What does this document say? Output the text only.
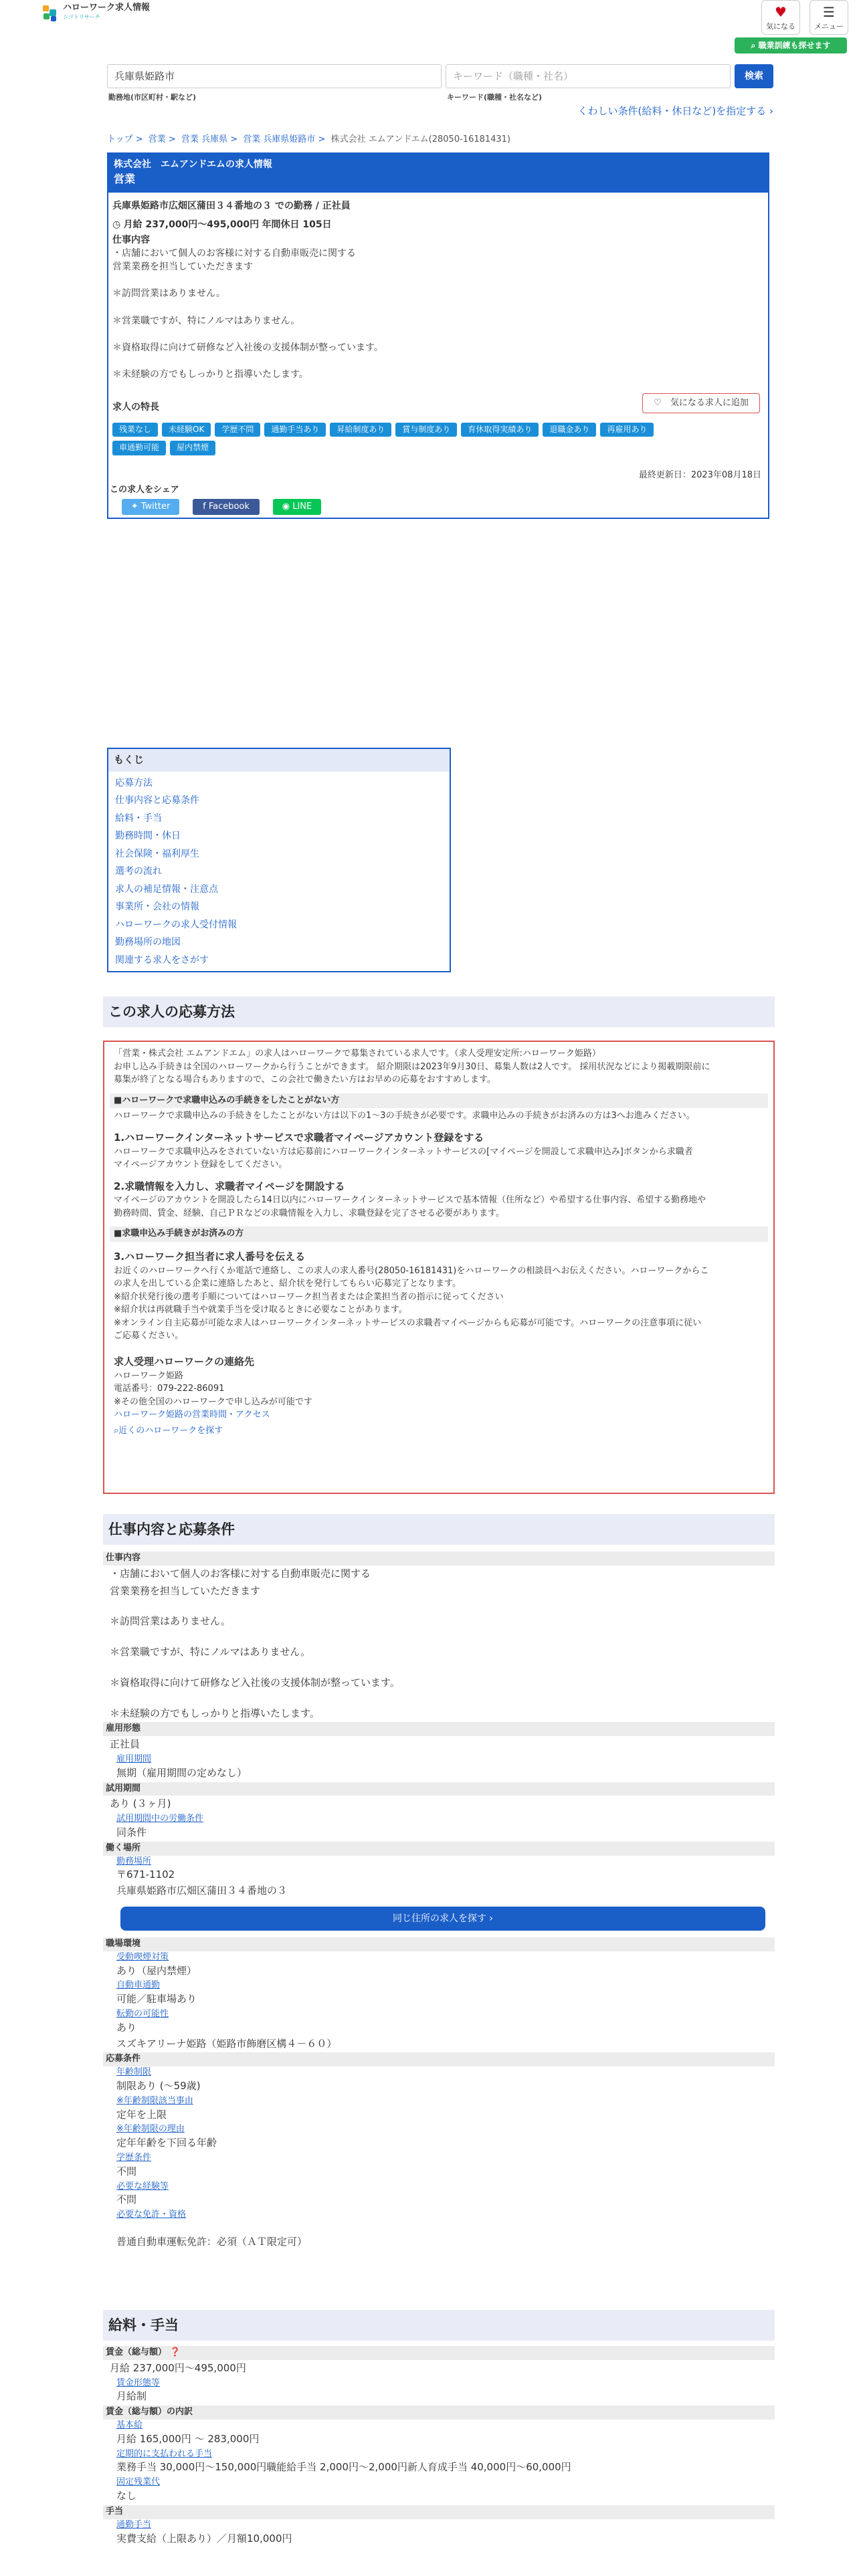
ハローワーク求人情報
シゴトリサーチ	♥
気になる
☰
メニュー
⌕ 職業訓練も探せます
兵庫県姫路市
勤務地(市区町村・駅など)
キーワード（職種・社名）
キーワード(職種・社名など)
検索
くわしい条件(給料・休日など)を指定する ›
トップ > 営業 > 営業 兵庫県 > 営業 兵庫県姫路市 > 株式会社 エムアンドエム(28050-16181431)
株式会社　エムアンドエムの求人情報
営業
兵庫県姫路市広畑区蒲田３４番地の３ での勤務 / 正社員
◷ 月給 237,000円〜495,000円 年間休日 105日
仕事内容
・店舗において個人のお客様に対する自動車販売に関する
営業業務を担当していただきます
＊訪問営業はありません。
＊営業職ですが、特にノルマはありません。
＊資格取得に向けて研修など入社後の支援体制が整っています。
＊未経験の方でもしっかりと指導いたします。
求人の特長	♡　気になる求人に追加
残業なし 未経験OK 学歴不問 通勤手当あり 昇給制度あり 賞与制度あり 育休取得実績あり 退職金あり 再雇用あり
車通勤可能 屋内禁煙
最終更新日：2023年08月18日
この求人をシェア
✦ Twitter	f Facebook	◉ LINE
もくじ
応募方法
仕事内容と応募条件
給料・手当
勤務時間・休日
社会保険・福利厚生
選考の流れ
求人の補足情報・注意点
事業所・会社の情報
ハローワークの求人受付情報
勤務場所の地図
関連する求人をさがす
この求人の応募方法

「営業・株式会社 エムアンドエム」の求人はハローワークで募集されている求人です。（求人受理安定所:ハローワーク姫路）

お申し込み手続きは全国のハローワークから行うことができます。 紹介期限は2023年9月30日、募集人数は2人です。 採用状況などにより掲載期限前に

募集が終了となる場合もありますので、この会社で働きたい方はお早めの応募をおすすめします。

■ハローワークで求職申込みの手続きをしたことがない方

ハローワークで求職申込みの手続きをしたことがない方は以下の1〜3の手続きが必要です。求職申込みの手続きがお済みの方は3へお進みください。

1.ハローワークインターネットサービスで求職者マイページアカウント登録をする

ハローワークで求職申込みをされていない方は応募前にハローワークインターネットサービスの[マイページを開設して求職申込み]ボタンから求職者

マイページアカウント登録をしてください。

2.求職情報を入力し、求職者マイページを開設する

マイページのアカウントを開設したら14日以内にハローワークインターネットサービスで基本情報（住所など）や希望する仕事内容、希望する勤務地や

勤務時間、賃金、経験、自己ＰＲなどの求職情報を入力し、求職登録を完了させる必要があります。

■求職申込み手続きがお済みの方
3.ハローワーク担当者に求人番号を伝える

お近くのハローワークへ行くか電話で連絡し、この求人の求人番号(28050-16181431)をハローワークの相談員へお伝えください。ハローワークからこ

の求人を出している企業に連絡したあと、紹介状を発行してもらい応募完了となります。

※紹介状発行後の選考手順についてはハローワーク担当者または企業担当者の指示に従ってください

※紹介状は再就職手当や就業手当を受け取るときに必要なことがあります。

※オンライン自主応募が可能な求人はハローワークインターネットサービスの求職者マイページからも応募が可能です。ハローワークの注意事項に従い

ご応募ください。

求人受理ハローワークの連絡先

ハローワーク姫路

電話番号：079-222-86091

※その他全国のハローワークで申し込みが可能です

ハローワーク姫路の営業時間・アクセス

⌕近くのハローワークを探す

仕事内容と応募条件
仕事内容
・店舗において個人のお客様に対する自動車販売に関する
営業業務を担当していただきます
＊訪問営業はありません。
＊営業職ですが、特にノルマはありません。
＊資格取得に向けて研修など入社後の支援体制が整っています。
＊未経験の方でもしっかりと指導いたします。
雇用形態
正社員
雇用期間
無期（雇用期間の定めなし）
試用期間
あり (３ヶ月)
試用期間中の労働条件
同条件
働く場所
勤務場所
〒671-1102
兵庫県姫路市広畑区蒲田３４番地の３
同じ住所の求人を探す ›
職場環境
受動喫煙対策
あり（屋内禁煙）
自動車通勤
可能／駐車場あり
転勤の可能性
あり
スズキアリーナ姫路（姫路市飾磨区構４－６０）
応募条件
年齢制限
制限あり (〜59歳)
※年齢制限該当事由
定年を上限
※年齢制限の理由
定年年齢を下回る年齢
学歴条件
不問
必要な経験等
不問
必要な免許・資格
普通自動車運転免許：必須（ＡＴ限定可）
給料・手当
賃金（総与額） ❓
月給 237,000円〜495,000円
賃金形態等
月給制
賃金（総与額）の内訳
基本給
月給 165,000円 〜 283,000円
定期的に支払われる手当
業務手当 30,000円〜150,000円職能給手当 2,000円〜2,000円新人育成手当 40,000円〜60,000円
固定残業代
なし
手当
通勤手当
実費支給（上限あり）／月額10,000円
